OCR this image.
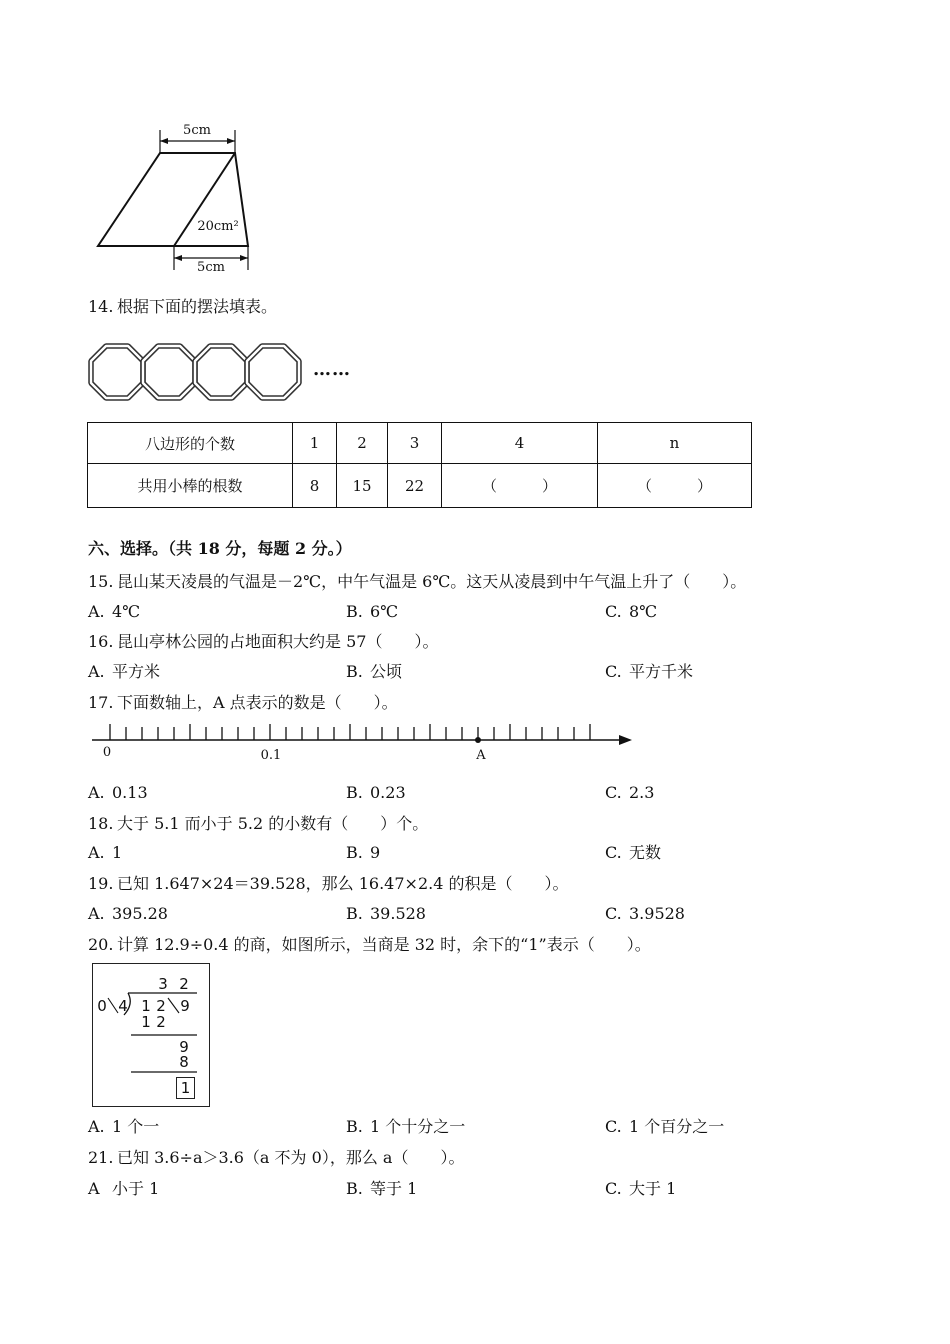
5cm
20cm²
5cm
14. 根据下面的摆法填表。
……
八边形的个数	1	2	3	4	n
共用小棒的根数	8	15	22	（　　　）	（　　　）
六、选择。（共 18 分，每题 2 分。）
15. 昆山某天凌晨的气温是－2℃，中午气温是 6℃。这天从凌晨到中午气温上升了（　　）。
A. 4℃	B. 6℃	C. 8℃
16. 昆山亭林公园的占地面积大约是 57（　　）。
A. 平方米	B. 公顷	C. 平方千米
17. 下面数轴上，A 点表示的数是（　　）。
0	0.1	A
A. 0.13	B. 0.23	C. 2.3
18. 大于 5.1 而小于 5.2 的小数有（　　）个。
A. 1	B. 9	C. 无数
19. 已知 1.647×24＝39.528，那么 16.47×2.4 的积是（　　）。
A. 395.28	B. 39.528	C. 3.9528
20. 计算 12.9÷0.4 的商，如图所示，当商是 32 时，余下的“1”表示（　　）。
3 2
0 4 1 2 9
1 2
9
8
1
A. 1 个一	B. 1 个十分之一	C. 1 个百分之一
21. 已知 3.6÷a＞3.6（a 不为 0），那么 a（　　）。
A 小于 1	B. 等于 1	C. 大于 1
